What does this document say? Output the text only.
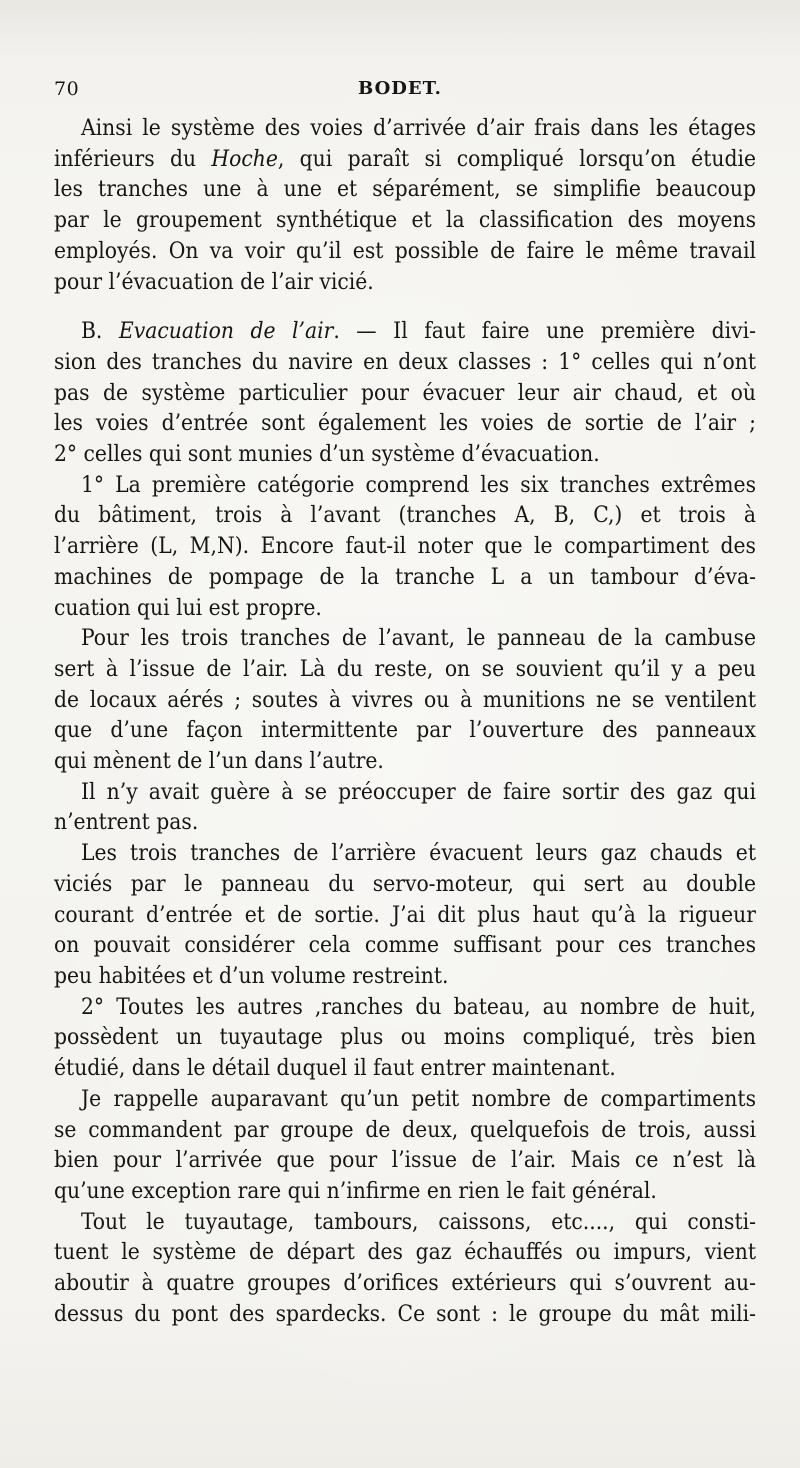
70	BODET.
Ainsi le système des voies d’arrivée d’air frais dans les étages
inférieurs du Hoche, qui paraît si compliqué lorsqu’on étudie
les tranches une à une et séparément, se simplifie beaucoup
par le groupement synthétique et la classification des moyens
employés. On va voir qu’il est possible de faire le même travail
pour l’évacuation de l’air vicié.
B. Evacuation de l’air. — Il faut faire une première divi-
sion des tranches du navire en deux classes : 1° celles qui n’ont
pas de système particulier pour évacuer leur air chaud, et où
les voies d’entrée sont également les voies de sortie de l’air ;
2° celles qui sont munies d’un système d’évacuation.
1° La première catégorie comprend les six tranches extrêmes
du bâtiment, trois à l’avant (tranches A, B, C,) et trois à
l’arrière (L, M,N). Encore faut-il noter que le compartiment des
machines de pompage de la tranche L a un tambour d’éva-
cuation qui lui est propre.
Pour les trois tranches de l’avant, le panneau de la cambuse
sert à l’issue de l’air. Là du reste, on se souvient qu’il y a peu
de locaux aérés ; soutes à vivres ou à munitions ne se ventilent
que d’une façon intermittente par l’ouverture des panneaux
qui mènent de l’un dans l’autre.
Il n’y avait guère à se préoccuper de faire sortir des gaz qui
n’entrent pas.
Les trois tranches de l’arrière évacuent leurs gaz chauds et
viciés par le panneau du servo-moteur, qui sert au double
courant d’entrée et de sortie. J’ai dit plus haut qu’à la rigueur
on pouvait considérer cela comme suffisant pour ces tranches
peu habitées et d’un volume restreint.
2° Toutes les autres ,ranches du bateau, au nombre de huit,
possèdent un tuyautage plus ou moins compliqué, très bien
étudié, dans le détail duquel il faut entrer maintenant.
Je rappelle auparavant qu’un petit nombre de compartiments
se commandent par groupe de deux, quelquefois de trois, aussi
bien pour l’arrivée que pour l’issue de l’air. Mais ce n’est là
qu’une exception rare qui n’infirme en rien le fait général.
Tout le tuyautage, tambours, caissons, etc...., qui consti-
tuent le système de départ des gaz échauffés ou impurs, vient
aboutir à quatre groupes d’orifices extérieurs qui s’ouvrent au-
dessus du pont des spardecks. Ce sont : le groupe du mât mili-
